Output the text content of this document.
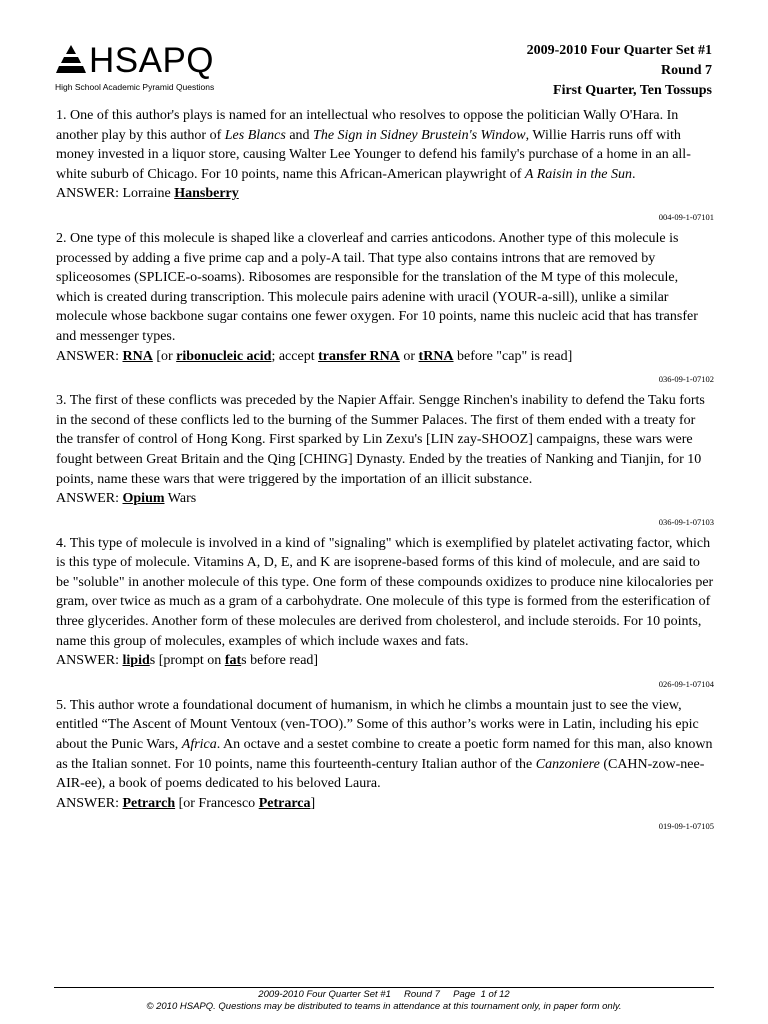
HSAPQ
High School Academic Pyramid Questions
2009-2010 Four Quarter Set #1
Round 7
First Quarter, Ten Tossups

1. One of this author's plays is named for an intellectual who resolves to oppose the politician Wally O'Hara. In another play by this author of Les Blancs and The Sign in Sidney Brustein's Window, Willie Harris runs off with money invested in a liquor store, causing Walter Lee Younger to defend his family's purchase of a home in an all-white suburb of Chicago. For 10 points, name this African-American playwright of A Raisin in the Sun.

ANSWER: Lorraine Hansberry

004-09-1-07101

2. One type of this molecule is shaped like a cloverleaf and carries anticodons. Another type of this molecule is processed by adding a five prime cap and a poly-A tail. That type also contains introns that are removed by spliceosomes (SPLICE-o-soams). Ribosomes are responsible for the translation of the M type of this molecule, which is created during transcription. This molecule pairs adenine with uracil (YOUR-a-sill), unlike a similar molecule whose backbone sugar contains one fewer oxygen. For 10 points, name this nucleic acid that has transfer and messenger types.

ANSWER: RNA [or ribonucleic acid; accept transfer RNA or tRNA before "cap" is read]

036-09-1-07102

3. The first of these conflicts was preceded by the Napier Affair. Sengge Rinchen's inability to defend the Taku forts in the second of these conflicts led to the burning of the Summer Palaces. The first of them ended with a treaty for the transfer of control of Hong Kong. First sparked by Lin Zexu's [LIN zay-SHOOZ] campaigns, these wars were fought between Great Britain and the Qing [CHING] Dynasty. Ended by the treaties of Nanking and Tianjin, for 10 points, name these wars that were triggered by the importation of an illicit substance.

ANSWER: Opium Wars

036-09-1-07103

4. This type of molecule is involved in a kind of "signaling" which is exemplified by platelet activating factor, which is this type of molecule. Vitamins A, D, E, and K are isoprene-based forms of this kind of molecule, and are said to be "soluble" in another molecule of this type. One form of these compounds oxidizes to produce nine kilocalories per gram, over twice as much as a gram of a carbohydrate. One molecule of this type is formed from the esterification of three glycerides. Another form of these molecules are derived from cholesterol, and include steroids. For 10 points, name this group of molecules, examples of which include waxes and fats.

ANSWER: lipids [prompt on fats before read]

026-09-1-07104

5. This author wrote a foundational document of humanism, in which he climbs a mountain just to see the view, entitled “The Ascent of Mount Ventoux (ven-TOO).” Some of this author’s works were in Latin, including his epic about the Punic Wars, Africa. An octave and a sestet combine to create a poetic form named for this man, also known as the Italian sonnet. For 10 points, name this fourteenth-century Italian author of the Canzoniere (CAHN-zow-nee-AIR-ee), a book of poems dedicated to his beloved Laura.

ANSWER: Petrarch [or Francesco Petrarca]

019-09-1-07105
2009-2010 Four Quarter Set #1     Round 7     Page  1 of 12
© 2010 HSAPQ. Questions may be distributed to teams in attendance at this tournament only, in paper form only.
